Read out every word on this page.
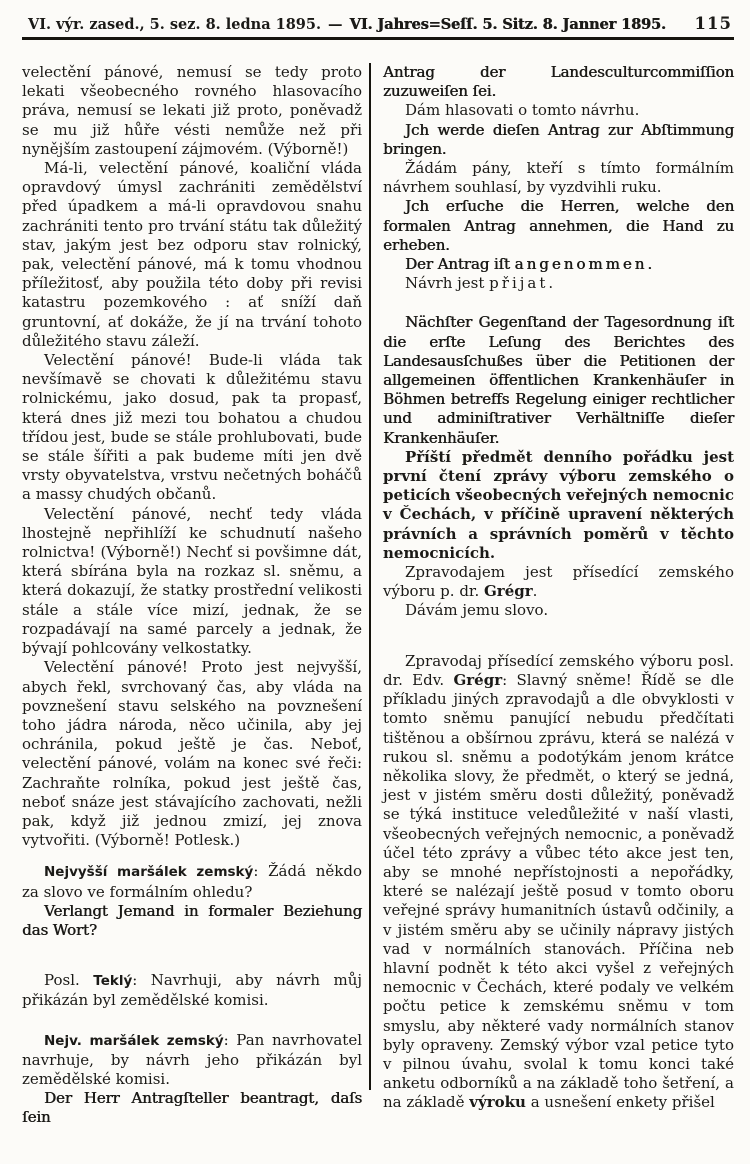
VI. výr. zased., 5. sez. 8. ledna 1895. — VI. Jahres=Seſſ. 5. Sitz. 8. Janner 1895. 115

velectění pánové, nemusí se tedy proto lekati všeobecného rovného hlasovacího práva, nemusí se lekati již proto, poněvadž se mu již hůře vésti nemůže než při nynějším zastoupení zájmovém. (Výborně!)

Má-li, velectění pánové, koaliční vláda opravdový úmysl zachrániti zemědělství před úpadkem a má-li opravdovou snahu zachrániti tento pro trvání státu tak důležitý stav, jakým jest bez odporu stav rolnický, pak, velectění pánové, má k tomu vhodnou příležitosť, aby použila této doby při revisi katastru pozemkového : ať sníží daň gruntovní, ať dokáže, že jí na trvání tohoto důležitého stavu záleží.

Velectění pánové! Bude-li vláda tak nevšímavě se chovati k důležitému stavu rolnickému, jako dosud, pak ta propasť, která dnes již mezi tou bohatou a chudou třídou jest, bude se stále prohlubovati, bude se stále šířiti a pak budeme míti jen dvě vrsty obyvatelstva, vrstvu nečetných boháčů a massy chudých občanů.

Velectění pánové, nechť tedy vláda lhostejně nepřihlíží ke schudnutí našeho rolnictva! (Výborně!) Nechť si povšimne dát, která sbírána byla na rozkaz sl. sněmu, a která dokazují, že statky prostřední velikosti stále a stále více mizí, jednak, že se rozpadávají na samé parcely a jednak, že bývají pohlcovány velkostatky.

Velectění pánové! Proto jest nejvyšší, abych řekl, svrchovaný čas, aby vláda na povznešení stavu selského na povznešení toho jádra národa, něco učinila, aby jej ochránila, pokud ještě je čas. Neboť, velectění pánové, volám na konec své řeči: Zachraňte rolníka, pokud jest ještě čas, neboť snáze jest stávajícího zachovati, nežli pak, když již jednou zmizí, jej znova vytvořiti. (Výborně! Potlesk.)

Nejvyšší maršálek zemský: Žádá někdo za slovo ve formálním ohledu?

Verlangt Jemand in formaler Beziehung das Wort?

Posl. Teklý: Navrhuji, aby návrh můj přikázán byl zemědělské komisi.

Nejv. maršálek zemský: Pan navrhovatel navrhuje, by návrh jeho přikázán byl zemědělské komisi.

Der Herr Antragſteller beantragt, daſs ſein

Antrag der Landesculturcommiſſion zuzuweiſen ſei.

Dám hlasovati o tomto návrhu.

Jch werde dieſen Antrag zur Abſtimmung bringen.

Žádám pány, kteří s tímto formálním návrhem souhlasí, by vyzdvihli ruku.

Jch erſuche die Herren, welche den formalen Antrag annehmen, die Hand zu erheben.

Der Antrag iſt angenommen.

Návrh jest přijat.

Nächſter Gegenſtand der Tagesordnung iſt die erſte Leſung des Berichtes des Landesausſchußes über die Petitionen der allgemeinen öffentlichen Krankenhäuſer in Böhmen betreffs Regelung einiger rechtlicher und adminiſtrativer Verhältniſſe dieſer Krankenhäuſer.

Příští předmět denního pořádku jest první čtení zprávy výboru zemského o peticích všeobecných veřejných nemocnic v Čechách, v příčině upravení některých právních a správních poměrů v těchto nemocnicích.

Zpravodajem jest přísedící zemského výboru p. dr. Grégr.

Dávám jemu slovo.

Zpravodaj přísedící zemského výboru posl. dr. Edv. Grégr: Slavný sněme! Řídě se dle příkladu jiných zpravodajů a dle obvyklosti v tomto sněmu panující nebudu předčítati tištěnou a obšírnou zprávu, která se nalézá v rukou sl. sněmu a podotýkám jenom krátce několika slovy, že předmět, o který se jedná, jest v jistém směru dosti důležitý, poněvadž se týká instituce veledůležité v naší vlasti, všeobecných veřejných nemocnic, a poněvadž účel této zprávy a vůbec této akce jest ten, aby se mnohé nepřístojnosti a nepořádky, které se nalézají ještě posud v tomto oboru veřejné správy humanitních ústavů odčinily, a v jistém směru aby se učinily nápravy jistých vad v normálních stanovách. Příčina neb hlavní podnět k této akci vyšel z veřejných nemocnic v Čechách, které podaly ve velkém počtu petice k zemskému sněmu v tom smyslu, aby některé vady normálních stanov byly opraveny. Zemský výbor vzal petice tyto v pilnou úvahu, svolal k tomu konci také anketu odborníků a na základě toho šetření, a na základě výroku a usnešení enkety přišel
